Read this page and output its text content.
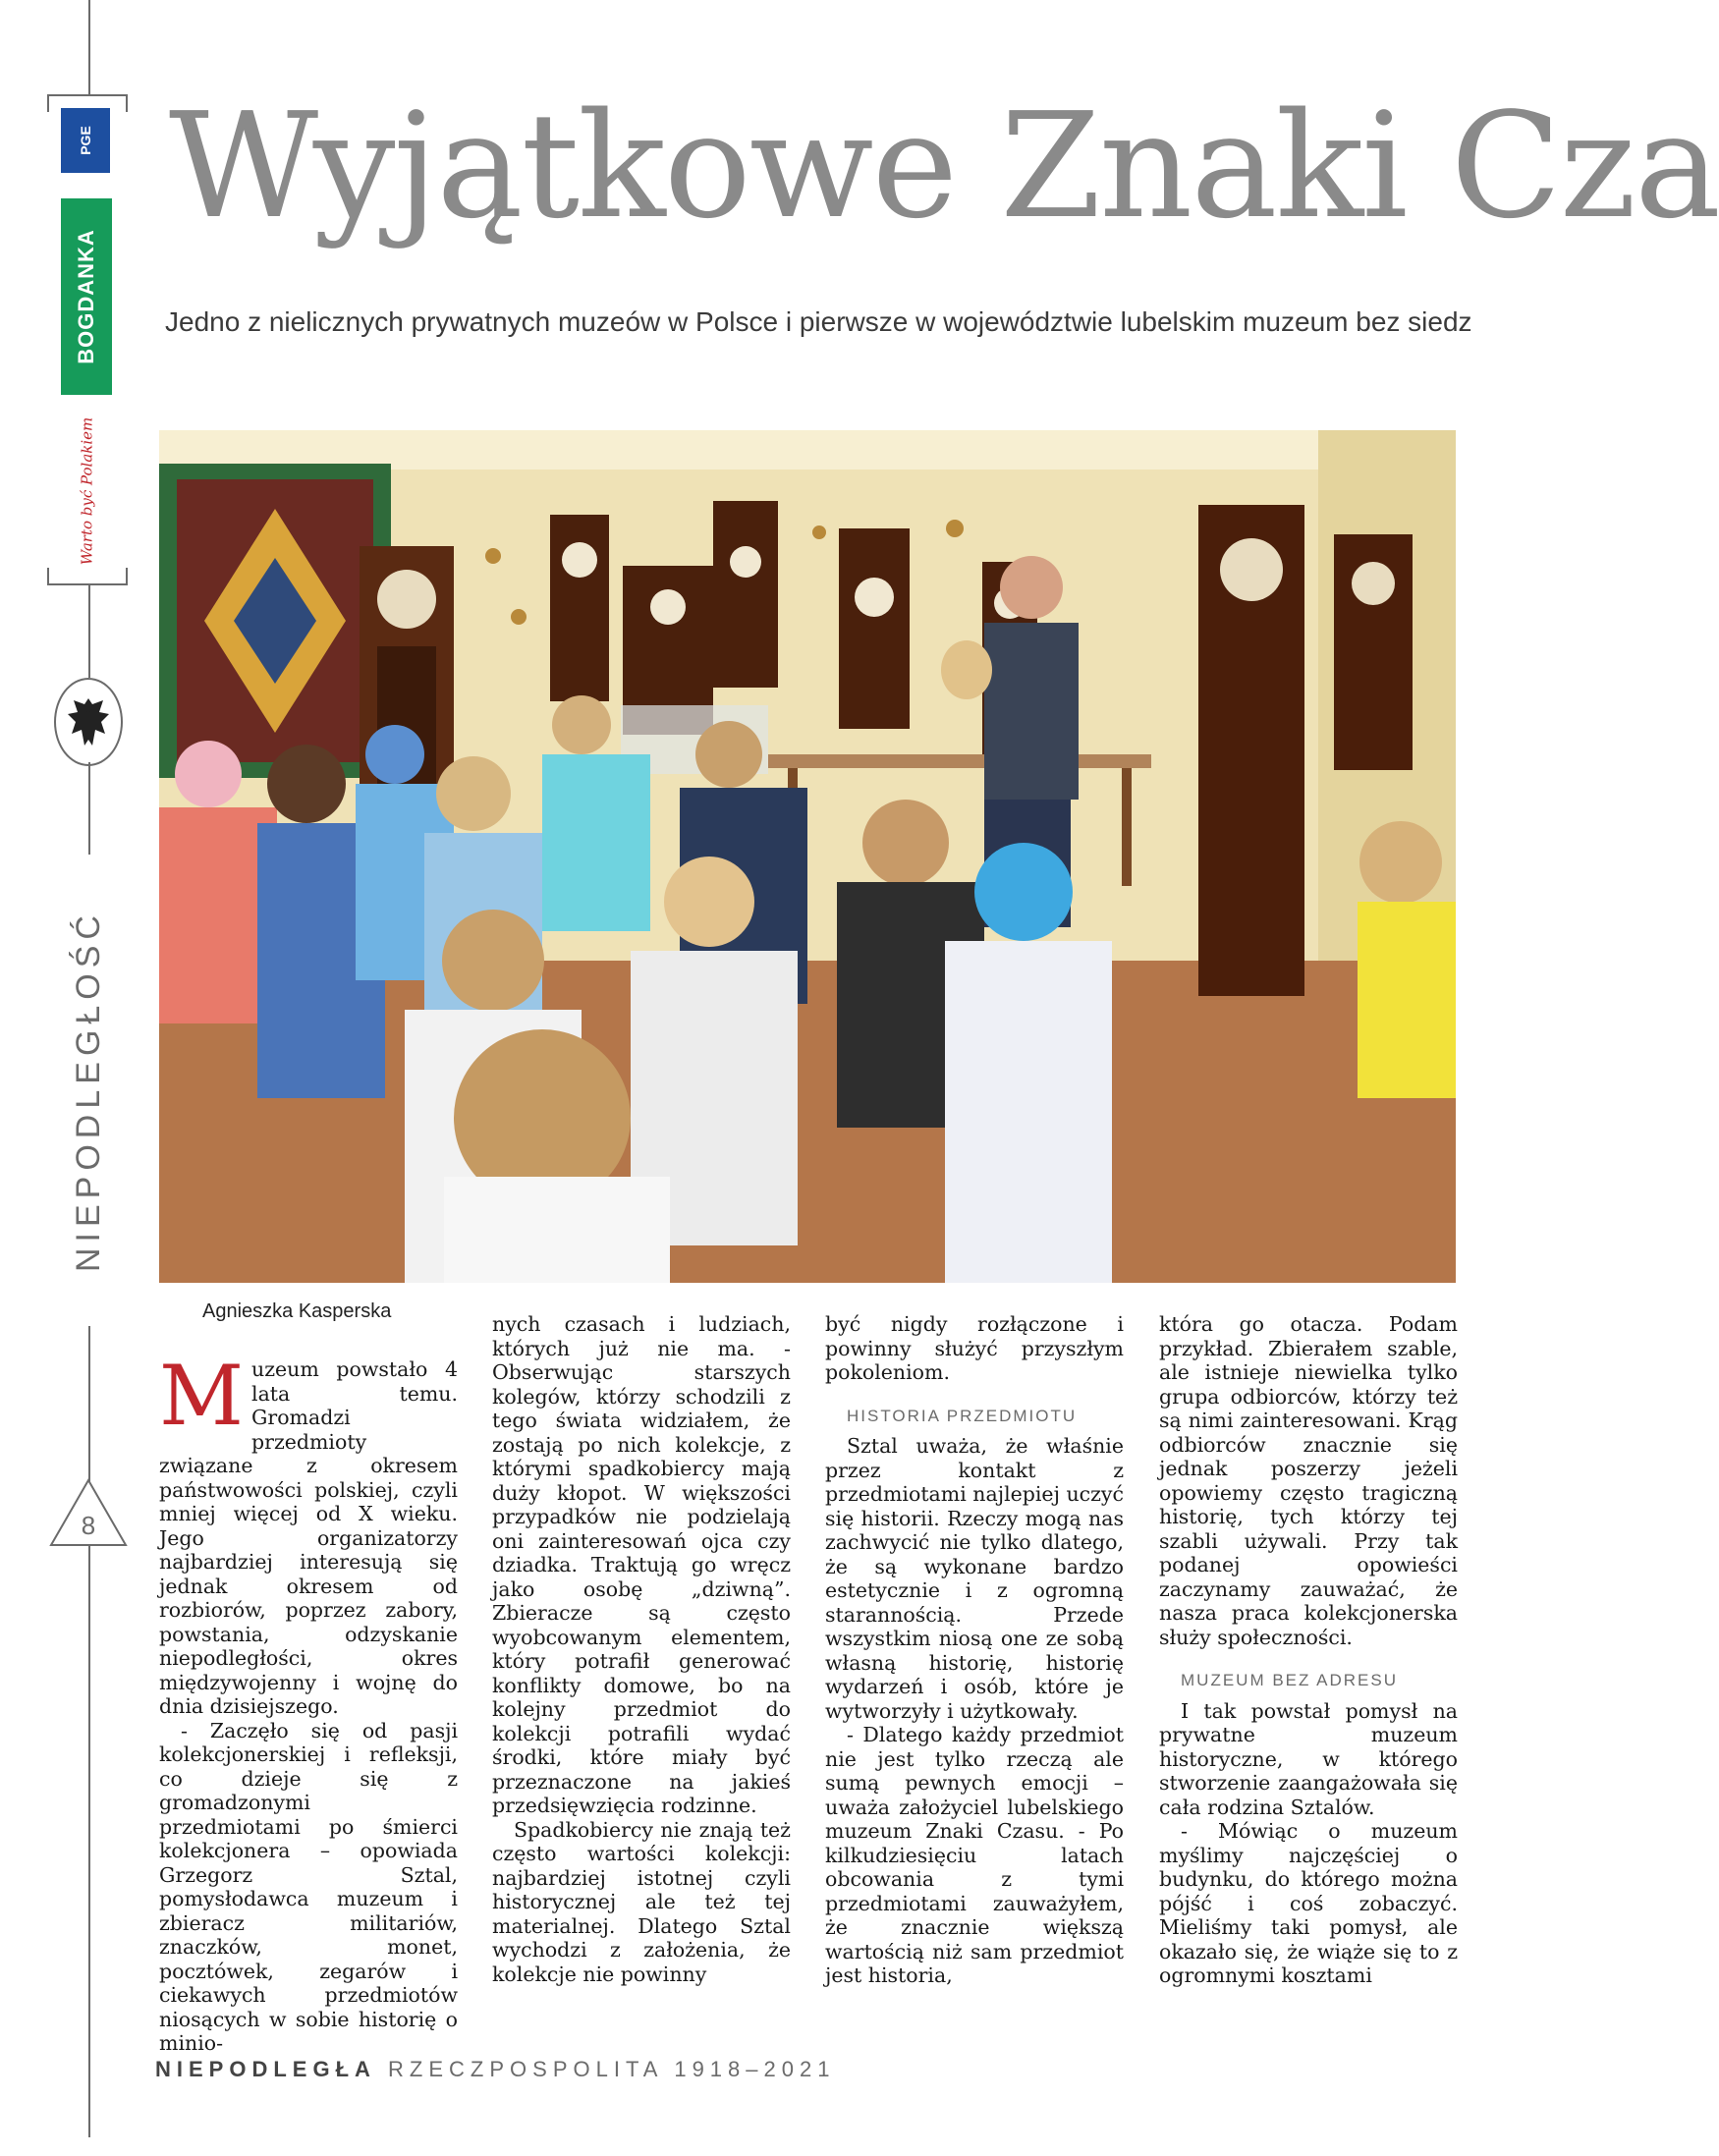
PGE
BOGDANKA
Warto być Polakiem
NIEPODLEGŁOŚĆ
8
Wyjątkowe Znaki Cza
Jedno z nielicznych prywatnych muzeów w Polsce i pierwsze w województwie lubelskim muzeum bez siedz
Agnieszka Kasperska

Muzeum powstało 4 lata temu. Gromadzi przedmioty związane z okresem państwowości polskiej, czyli mniej więcej od X wieku. Jego organizatorzy najbardziej interesują się jednak okresem od rozbiorów, poprzez zabory, powstania, odzyskanie niepodległości, okres międzywojenny i wojnę do dnia dzisiejszego.

- Zaczęło się od pasji kolekcjonerskiej i refleksji, co dzieje się z gromadzonymi przedmiotami po śmierci kolekcjonera – opowiada Grzegorz Sztal, pomysłodawca muzeum i zbieracz militariów, znaczków, monet, pocztówek, zegarów i ciekawych przedmiotów niosących w sobie historię o minio-

nych czasach i ludziach, których już nie ma. - Obserwując starszych kolegów, którzy schodzili z tego świata widziałem, że zostają po nich kolekcje, z którymi spadkobiercy mają duży kłopot. W większości przypadków nie podzielają oni zainteresowań ojca czy dziadka. Traktują go wręcz jako osobę „dziwną”. Zbieracze są często wyobcowanym elementem, który potrafił generować konflikty domowe, bo na kolejny przedmiot do kolekcji potrafili wydać środki, które miały być przeznaczone na jakieś przedsięwzięcia rodzinne.

Spadkobiercy nie znają też często wartości kolekcji: najbardziej istotnej czyli historycznej ale też tej materialnej. Dlatego Sztal wychodzi z założenia, że kolekcje nie powinny

być nigdy rozłączone i powinny służyć przyszłym pokoleniom.

HISTORIA PRZEDMIOTU

Sztal uważa, że właśnie przez kontakt z przedmiotami najlepiej uczyć się historii. Rzeczy mogą nas zachwycić nie tylko dlatego, że są wykonane bardzo estetycznie i z ogromną starannością. Przede wszystkim niosą one ze sobą własną historię, historię wydarzeń i osób, które je wytworzyły i użytkowały.

- Dlatego każdy przedmiot nie jest tylko rzeczą ale sumą pewnych emocji – uważa założyciel lubelskiego muzeum Znaki Czasu. - Po kilkudziesięciu latach obcowania z tymi przedmiotami zauważyłem, że znacznie większą wartością niż sam przedmiot jest historia,

która go otacza. Podam przykład. Zbierałem szable, ale istnieje niewielka tylko grupa odbiorców, którzy też są nimi zainteresowani. Krąg odbiorców znacznie się jednak poszerzy jeżeli opowiemy często tragiczną historię, tych którzy tej szabli używali. Przy tak podanej opowieści zaczynamy zauważać, że nasza praca kolekcjonerska służy społeczności.

MUZEUM BEZ ADRESU

I tak powstał pomysł na prywatne muzeum historyczne, w którego stworzenie zaangażowała się cała rodzina Sztalów.

- Mówiąc o muzeum myślimy najczęściej o budynku, do którego można pójść i coś zobaczyć. Mieliśmy taki pomysł, ale okazało się, że wiąże się to z ogromnymi kosztami

NIEPODLEGŁA RZECZPOSPOLITA 1918–2021
